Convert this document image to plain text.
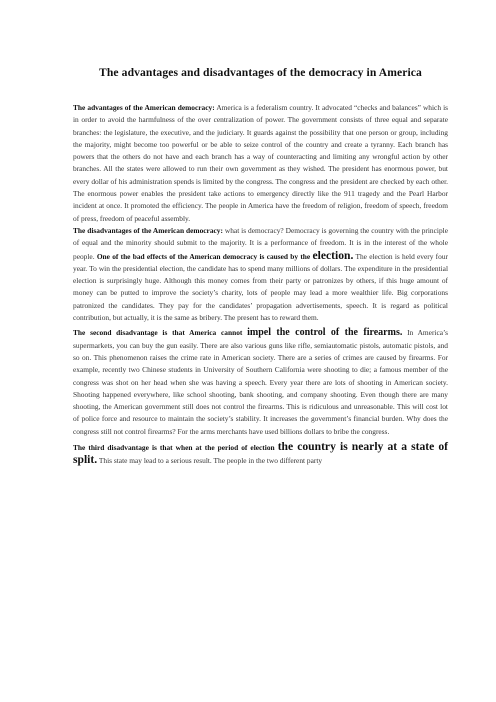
The advantages and disadvantages of the democracy in America

The advantages of the American democracy: America is a federalism country. It advocated “checks and balances” which is in order to avoid the harmfulness of the over centralization of power. The government consists of three equal and separate branches: the legislature, the executive, and the judiciary. It guards against the possibility that one person or group, including the majority, might become too powerful or be able to seize control of the country and create a tyranny. Each branch has powers that the others do not have and each branch has a way of counteracting and limiting any wrongful action by other branches. All the states were allowed to run their own government as they wished. The president has enormous power, but every dollar of his administration spends is limited by the congress. The congress and the president are checked by each other. The enormous power enables the president take actions to emergency directly like the 911 tragedy and the Pearl Harbor incident at once. It promoted the efficiency. The people in America have the freedom of religion, freedom of speech, freedom of press, freedom of peaceful assembly.

The disadvantages of the American democracy: what is democracy? Democracy is governing the country with the principle of equal and the minority should submit to the majority. It is a performance of freedom. It is in the interest of the whole people. One of the bad effects of the American democracy is caused by the election. The election is held every four year. To win the presidential election, the candidate has to spend many millions of dollars. The expenditure in the presidential election is surprisingly huge. Although this money comes from their party or patronizes by others, if this huge amount of money can be putted to improve the society’s charity, lots of people may lead a more wealthier life. Big corporations patronized the candidates. They pay for the candidates’ propagation advertisements, speech. It is regard as political contribution, but actually, it is the same as bribery. The present has to reward them.

The second disadvantage is that America cannot impel the control of the firearms. In America’s supermarkets, you can buy the gun easily. There are also various guns like rifle, semiautomatic pistols, automatic pistols, and so on. This phenomenon raises the crime rate in American society. There are a series of crimes are caused by firearms. For example, recently two Chinese students in University of Southern California were shooting to die; a famous member of the congress was shot on her head when she was having a speech. Every year there are lots of shooting in American society. Shooting happened everywhere, like school shooting, bank shooting, and company shooting. Even though there are many shooting, the American government still does not control the firearms. This is ridiculous and unreasonable. This will cost lot of police force and resource to maintain the society’s stability. It increases the government’s financial burden. Why does the congress still not control firearms? For the arms merchants have used billions dollars to bribe the congress.

The third disadvantage is that when at the period of election the country is nearly at a state of split. This state may lead to a serious result. The people in the two different party
